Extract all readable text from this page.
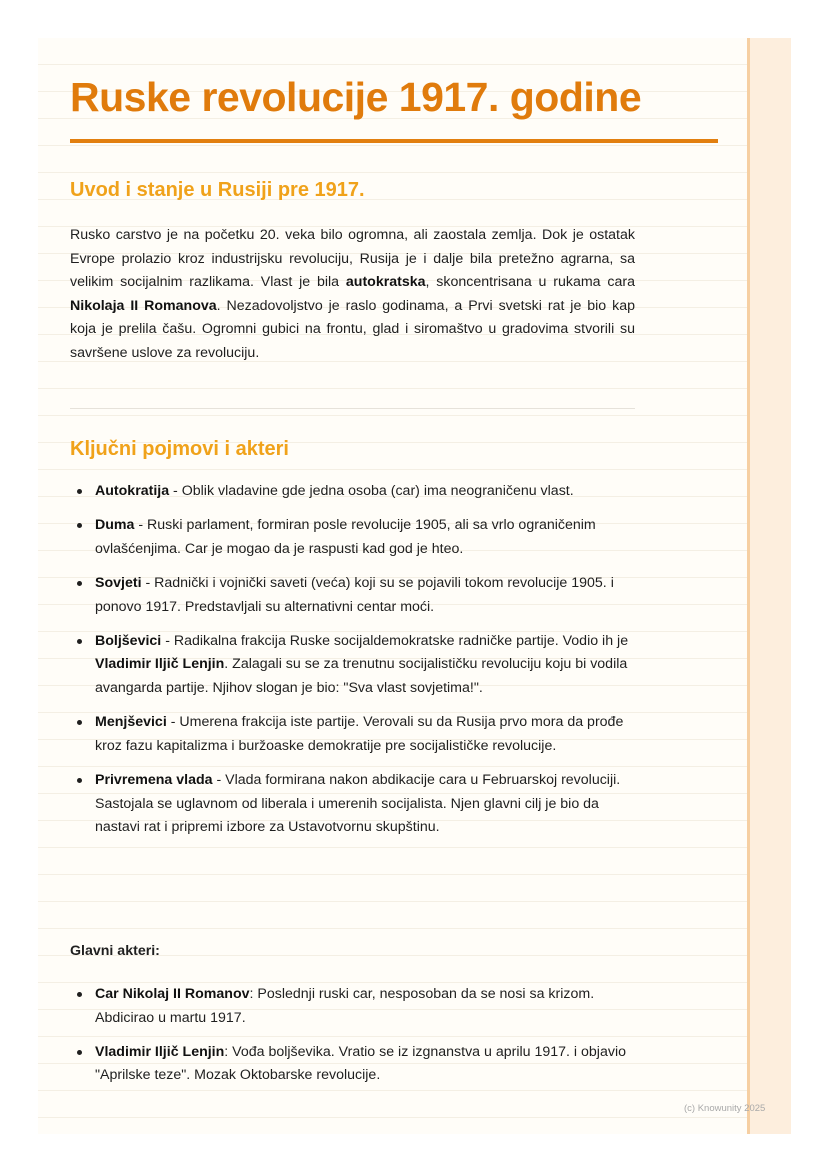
Ruske revolucije 1917. godine
Uvod i stanje u Rusiji pre 1917.

Rusko carstvo je na početku 20. veka bilo ogromna, ali zaostala zemlja. Dok je ostatak Evrope prolazio kroz industrijsku revoluciju, Rusija je i dalje bila pretežno agrarna, sa velikim socijalnim razlikama. Vlast je bila autokratska, skoncentrisana u rukama cara Nikolaja II Romanova. Nezadovoljstvo je raslo godinama, a Prvi svetski rat je bio kap koja je prelila čašu. Ogromni gubici na frontu, glad i siromaštvo u gradovima stvorili su savršene uslove za revoluciju.

Ključni pojmovi i akteri
Autokratija - Oblik vladavine gde jedna osoba (car) ima neograničenu vlast.
Duma - Ruski parlament, formiran posle revolucije 1905, ali sa vrlo ograničenim ovlašćenjima. Car je mogao da je raspusti kad god je hteo.
Sovjeti - Radnički i vojnički saveti (veća) koji su se pojavili tokom revolucije 1905. i ponovo 1917. Predstavljali su alternativni centar moći.
Boljševici - Radikalna frakcija Ruske socijaldemokratske radničke partije. Vodio ih je Vladimir Iljič Lenjin. Zalagali su se za trenutnu socijalističku revoluciju koju bi vodila avangarda partije. Njihov slogan je bio: "Sva vlast sovjetima!".
Menjševici - Umerena frakcija iste partije. Verovali su da Rusija prvo mora da prođe kroz fazu kapitalizma i buržoaske demokratije pre socijalističke revolucije.
Privremena vlada - Vlada formirana nakon abdikacije cara u Februarskoj revoluciji. Sastojala se uglavnom od liberala i umerenih socijalista. Njen glavni cilj je bio da nastavi rat i pripremi izbore za Ustavotvornu skupštinu.
Glavni akteri:
Car Nikolaj II Romanov: Poslednji ruski car, nesposoban da se nosi sa krizom. Abdicirao u martu 1917.
Vladimir Iljič Lenjin: Vođa boljševika. Vratio se iz izgnanstva u aprilu 1917. i objavio "Aprilske teze". Mozak Oktobarske revolucije.
(c) Knowunity 2025
